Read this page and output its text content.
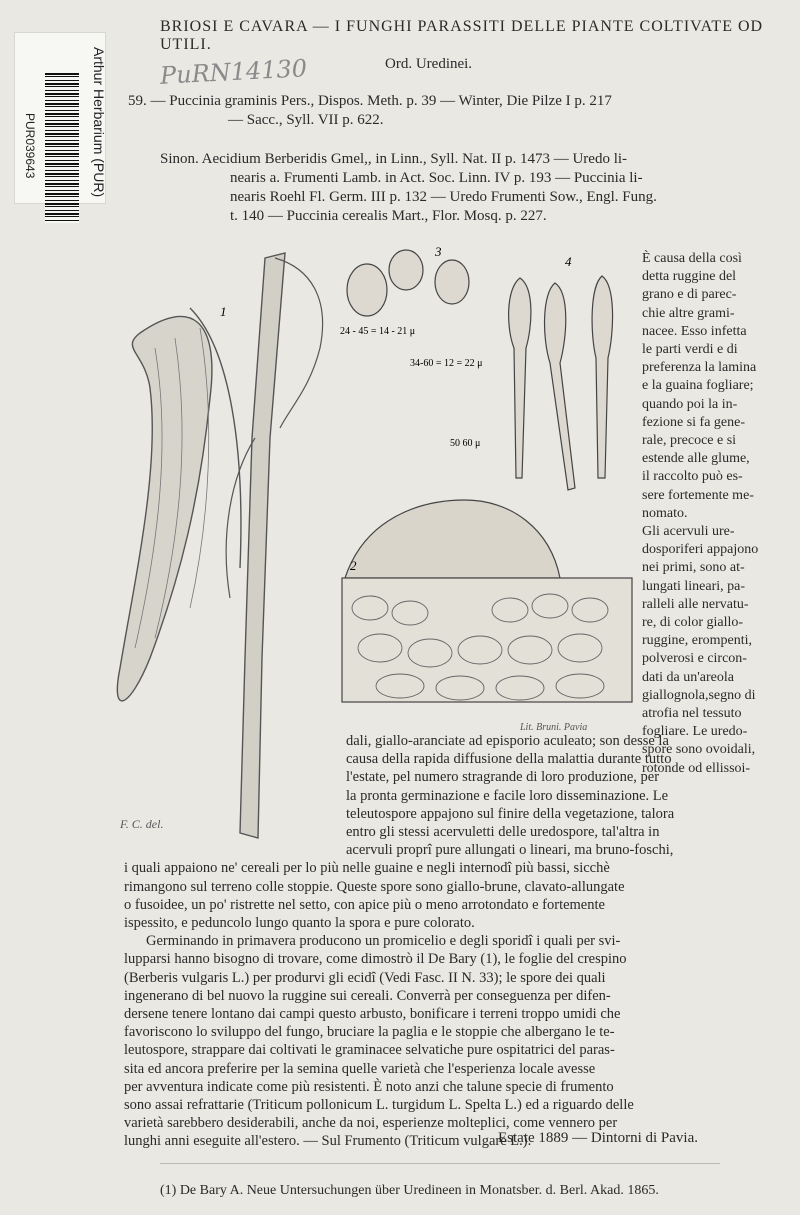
Arthur Herbarium (PUR)
PUR039643
BRIOSI E CAVARA — I FUNGHI PARASSITI DELLE PIANTE COLTIVATE OD UTILI.
PuRN14130	Ord. Uredinei.

59. — Puccinia graminis Pers., Dispos. Meth. p. 39 — Winter, Die Pilze I p. 217

— Sacc., Syll. VII p. 622.

Sinon. Aecidium Berberidis Gmel,, in Linn., Syll. Nat. II p. 1473 — Uredo li-

nearis a. Frumenti Lamb. in Act. Soc. Linn. IV p. 193 — Puccinia li-

nearis Roehl Fl. Germ. III p. 132 — Uredo Frumenti Sow., Engl. Fung.

t. 140 — Puccinia cerealis Mart., Flor. Mosq. p. 227.

1
F. C. del.
3
24 - 45 = 14 - 21 μ
4
34-60 = 12 = 22 μ
50 60 μ
2
Lit. Bruni. Pavia

È causa della così

detta ruggine del

grano e di parec-

chie altre grami-

nacee. Esso infetta

le parti verdi e di

preferenza la lamina

e la guaina fogliare;

quando poi la in-

fezione si fa gene-

rale, precoce e si

estende alle glume,

il raccolto può es-

sere fortemente me-

nomato.

Gli acervuli ure-

dosporiferi appajono

nei primi, sono at-

lungati lineari, pa-

ralleli alle nervatu-

re, di color giallo-

ruggine, erompenti,

polverosi e circon-

dati da un'areola

giallognola,segno di

atrofia nel tessuto

fogliare. Le uredo-

spore sono ovoidali,

rotonde od ellissoi-

dali, giallo-aranciate ad episporio aculeato; son desse la

causa della rapida diffusione della malattia durante tutto

l'estate, pel numero stragrande di loro produzione, per

la pronta germinazione e facile loro disseminazione. Le

teleutospore appajono sul finire della vegetazione, talora

entro gli stessi acervuletti delle uredospore, tal'altra in

acervuli proprî pure allungati o lineari, ma bruno-foschi,

i quali appaiono ne' cereali per lo più nelle guaine e negli internodî più bassi, sicchè

rimangono sul terreno colle stoppie. Queste spore sono giallo-brune, clavato-allungate

o fusoidee, un po' ristrette nel setto, con apice più o meno arrotondato e fortemente

ispessito, e peduncolo lungo quanto la spora e pure colorato.

Germinando in primavera producono un promicelio e degli sporidî i quali per svi-

lupparsi hanno bisogno di trovare, come dimostrò il De Bary (1), le foglie del crespino

(Berberis vulgaris L.) per produrvi gli ecidî (Vedi Fasc. II N. 33); le spore dei quali

ingenerano di bel nuovo la ruggine sui cereali. Converrà per conseguenza per difen-

dersene tenere lontano dai campi questo arbusto, bonificare i terreni troppo umidi che

favoriscono lo sviluppo del fungo, bruciare la paglia e le stoppie che albergano le te-

leutospore, strappare dai coltivati le graminacee selvatiche pure ospitatrici del paras-

sita ed ancora preferire per la semina quelle varietà che l'esperienza locale avesse

per avventura indicate come più resistenti. È noto anzi che talune specie di frumento

sono assai refrattarie (Triticum pollonicum L. turgidum L. Spelta L.) ed a riguardo delle

varietà sarebbero desiderabili, anche da noi, esperienze molteplici, come vennero per

lunghi anni eseguite all'estero. — Sul Frumento (Triticum vulgare L.).

Estate 1889 — Dintorni di Pavia.
(1) De Bary A. Neue Untersuchungen über Uredineen in Monatsber. d. Berl. Akad. 1865.
